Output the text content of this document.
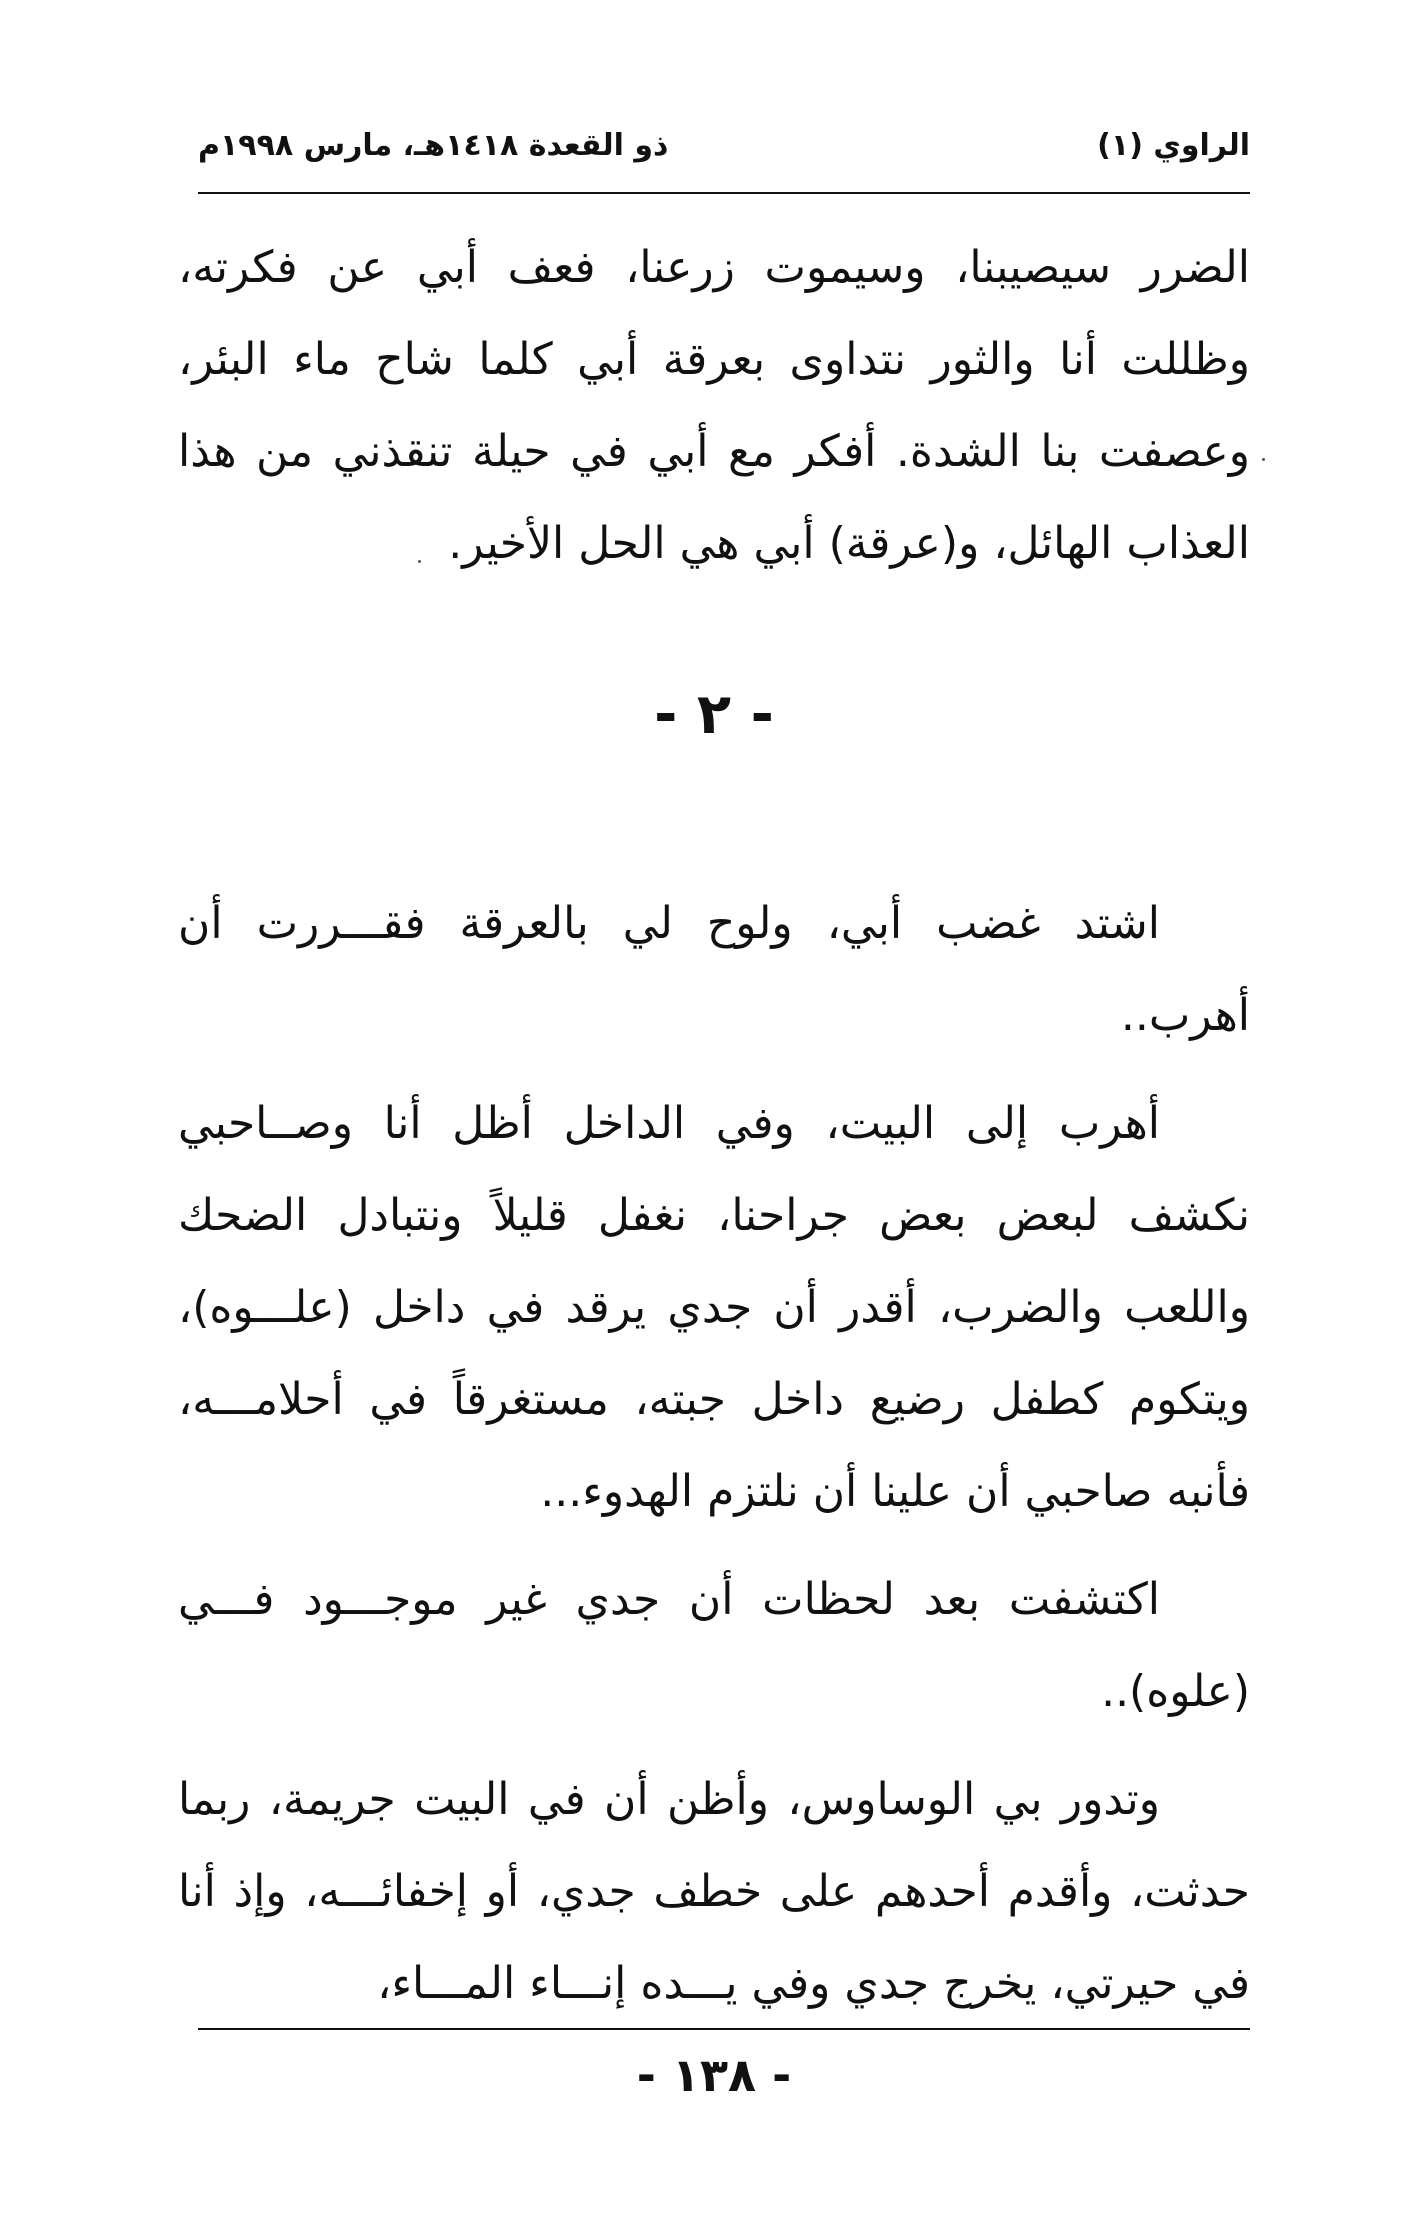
الراوي (١)
ذو القعدة ١٤١٨هـ، مارس ١٩٩٨م

الضرر سيصيبنا، وسيموت زرعنا، فعف أبي عن فكرته، وظللت أنا والثور نتداوى بعرقة أبي كلما شاح ماء البئر، وعصفت بنا الشدة. أفكر مع أبي في حيلة تنقذني من هذا العذاب الهائل، و(عرقة) أبي هي الحل الأخير.

- ٢ -

اشتد غضب أبي، ولوح لي بالعرقة فقـــررت أن أهرب..

أهرب إلى البيت، وفي الداخل أظل أنا وصــاحبي نكشف لبعض بعض جراحنا، نغفل قليلاً ونتبادل الضحك واللعب والضرب، أقدر أن جدي يرقد في داخل (علـــوه)، ويتكوم كطفل رضيع داخل جبته، مستغرقاً في أحلامـــه، فأنبه صاحبي أن علينا أن نلتزم الهدوء...

اكتشفت بعد لحظات أن جدي غير موجـــود فـــي (علوه)..

وتدور بي الوساوس، وأظن أن في البيت جريمة، ربما حدثت، وأقدم أحدهم على خطف جدي، أو إخفائـــه، وإذ أنا في حيرتي، يخرج جدي وفي يـــده إنـــاء المـــاء،

- ١٣٨ -
